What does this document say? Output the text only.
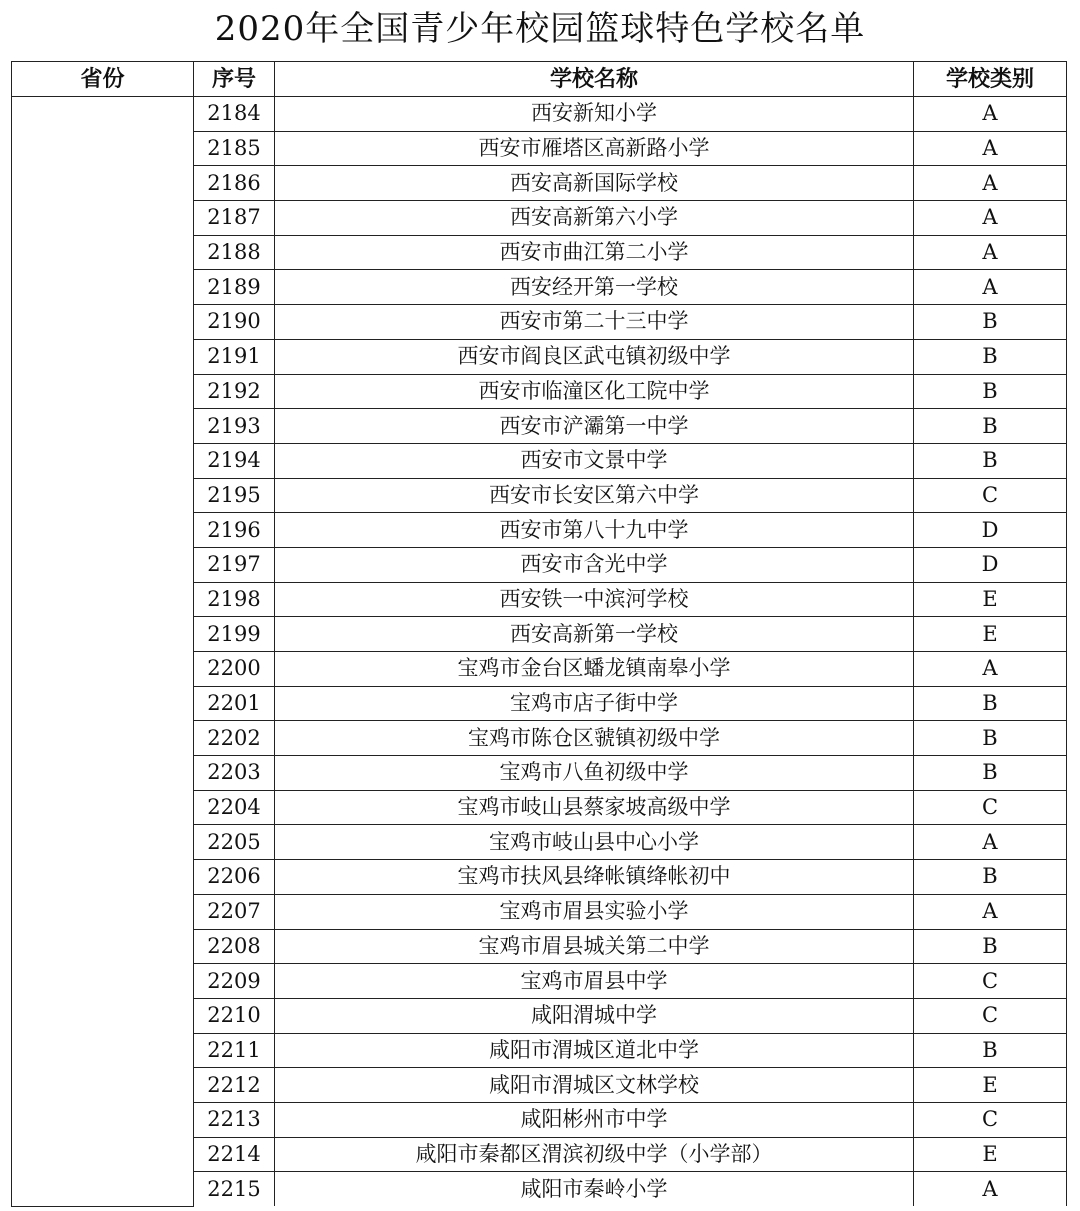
2020年全国青少年校园篮球特色学校名单
省份	序号	学校名称	学校类别
	2184	西安新知小学	A
	2185	西安市雁塔区高新路小学	A
	2186	西安高新国际学校	A
	2187	西安高新第六小学	A
	2188	西安市曲江第二小学	A
	2189	西安经开第一学校	A
	2190	西安市第二十三中学	B
	2191	西安市阎良区武屯镇初级中学	B
	2192	西安市临潼区化工院中学	B
	2193	西安市浐灞第一中学	B
	2194	西安市文景中学	B
	2195	西安市长安区第六中学	C
	2196	西安市第八十九中学	D
	2197	西安市含光中学	D
	2198	西安铁一中滨河学校	E
	2199	西安高新第一学校	E
	2200	宝鸡市金台区蟠龙镇南皋小学	A
	2201	宝鸡市店子街中学	B
	2202	宝鸡市陈仓区虢镇初级中学	B
	2203	宝鸡市八鱼初级中学	B
	2204	宝鸡市岐山县蔡家坡高级中学	C
	2205	宝鸡市岐山县中心小学	A
	2206	宝鸡市扶风县绛帐镇绛帐初中	B
	2207	宝鸡市眉县实验小学	A
	2208	宝鸡市眉县城关第二中学	B
	2209	宝鸡市眉县中学	C
	2210	咸阳渭城中学	C
	2211	咸阳市渭城区道北中学	B
	2212	咸阳市渭城区文林学校	E
	2213	咸阳彬州市中学	C
	2214	咸阳市秦都区渭滨初级中学（小学部）	E
	2215	咸阳市秦岭小学	A
